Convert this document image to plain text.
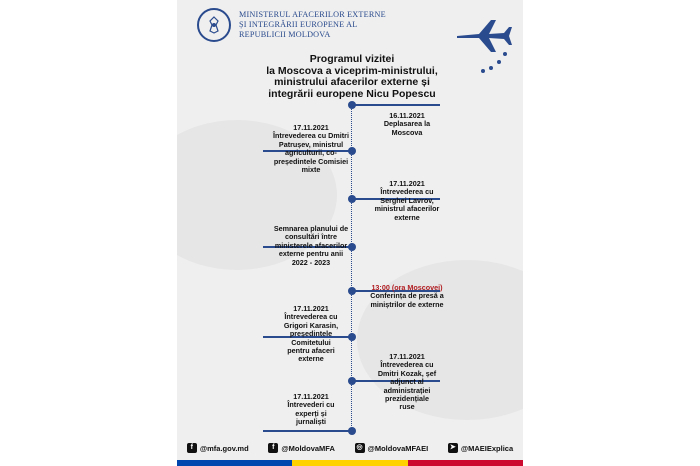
MINISTERUL AFACERILOR EXTERNE
ȘI INTEGRĂRII EUROPENE AL
REPUBLICII MOLDOVA
Programul vizitei
la Moscova a viceprim-ministrului,
ministrului afacerilor externe și
integrării europene Nicu Popescu
16.11.2021
Deplasarea la
Moscova
17.11.2021
Întrevederea cu Dmitri
Patrușev, ministrul
agriculturii, co-
președintele Comisiei
mixte
17.11.2021
Întrevederea cu
Serghei Lavrov,
ministrul afacerilor
externe
Semnarea planului de
consultări între
ministerele afacerilor
externe pentru anii
2022 - 2023
13:00 (ora Moscovei)
Conferința de presă a
miniștrilor de externe
17.11.2021
Întrevederea cu
Grigori Karasin,
președintele
Comitetului
pentru afaceri
externe	17.11.2021
Întrevederea cu
Dmitri Kozak, șef
adjunct al
administrației
prezidențiale
ruse
17.11.2021
Întrevederi cu
experți și
jurnaliști
f @mfa.gov.md	f @MoldovaMFA	◎ @MoldovaMFAEI	➤ @MAEIExplica
